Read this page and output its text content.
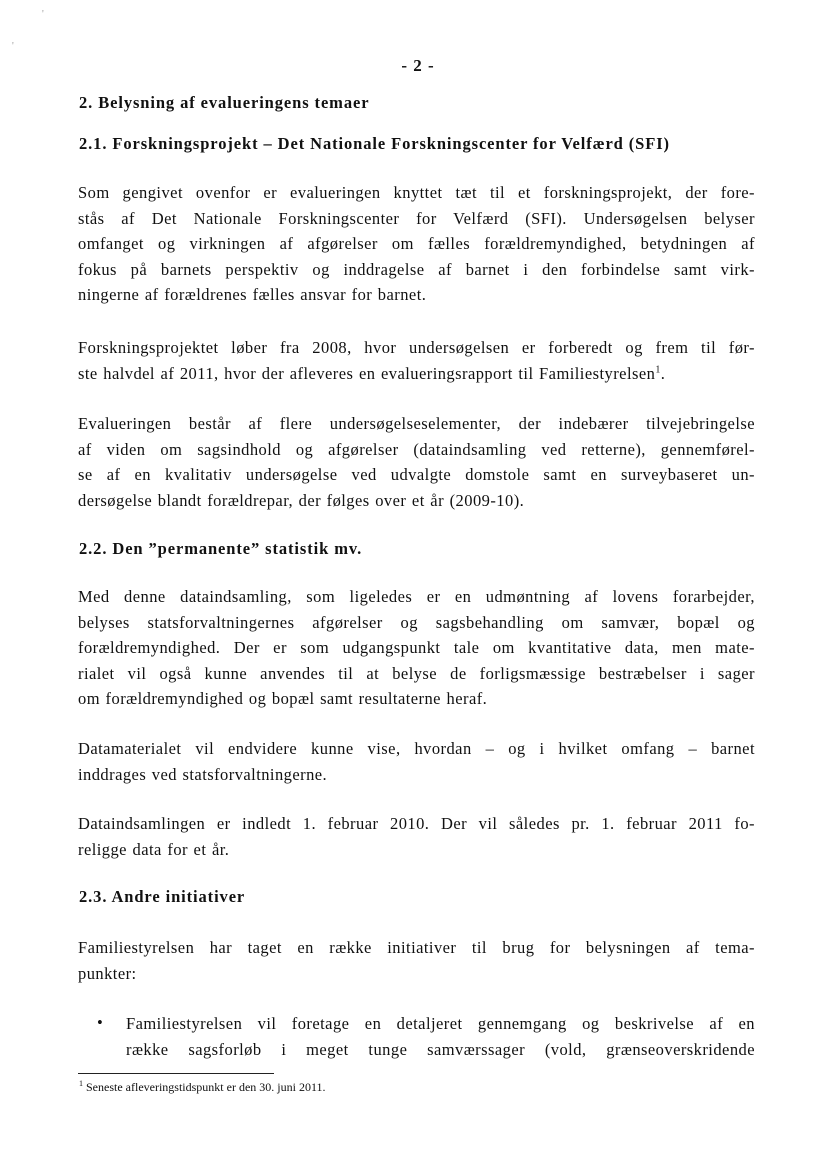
'
'
- 2 -
2. Belysning af evalueringens temaer
2.1. Forskningsprojekt – Det Nationale Forskningscenter for Velfærd (SFI)

Som gengivet ovenfor er evalueringen knyttet tæt til et forskningsprojekt, der fore-
stås af Det Nationale Forskningscenter for Velfærd (SFI). Undersøgelsen belyser
omfanget og virkningen af afgørelser om fælles forældremyndighed, betydningen af
fokus på barnets perspektiv og inddragelse af barnet i den forbindelse samt virk-
ningerne af forældrenes fælles ansvar for barnet.

Forskningsprojektet løber fra 2008, hvor undersøgelsen er forberedt og frem til før-
ste halvdel af 2011, hvor der afleveres en evalueringsrapport til Familiestyrelsen$^1$.

Evalueringen består af flere undersøgelseselementer, der indebærer tilvejebringelse
af viden om sagsindhold og afgørelser (dataindsamling ved retterne), gennemførel-
se af en kvalitativ undersøgelse ved udvalgte domstole samt en surveybaseret un-
dersøgelse blandt forældrepar, der følges over et år (2009-10).

2.2. Den ”permanente” statistik mv.

Med denne dataindsamling, som ligeledes er en udmøntning af lovens forarbejder,
belyses statsforvaltningernes afgørelser og sagsbehandling om samvær, bopæl og
forældremyndighed. Der er som udgangspunkt tale om kvantitative data, men mate-
rialet vil også kunne anvendes til at belyse de forligsmæssige bestræbelser i sager
om forældremyndighed og bopæl samt resultaterne heraf.

Datamaterialet vil endvidere kunne vise, hvordan – og i hvilket omfang – barnet
inddrages ved statsforvaltningerne.

Dataindsamlingen er indledt 1. februar 2010. Der vil således pr. 1. februar 2011 fo-
religge data for et år.

2.3. Andre initiativer

Familiestyrelsen har taget en række initiativer til brug for belysningen af tema-
punkter:

• Familiestyrelsen vil foretage en detaljeret gennemgang og beskrivelse af en
række sagsforløb i meget tunge samværssager (vold, grænseoverskridende

$^1$ Seneste afleveringstidspunkt er den 30. juni 2011.
